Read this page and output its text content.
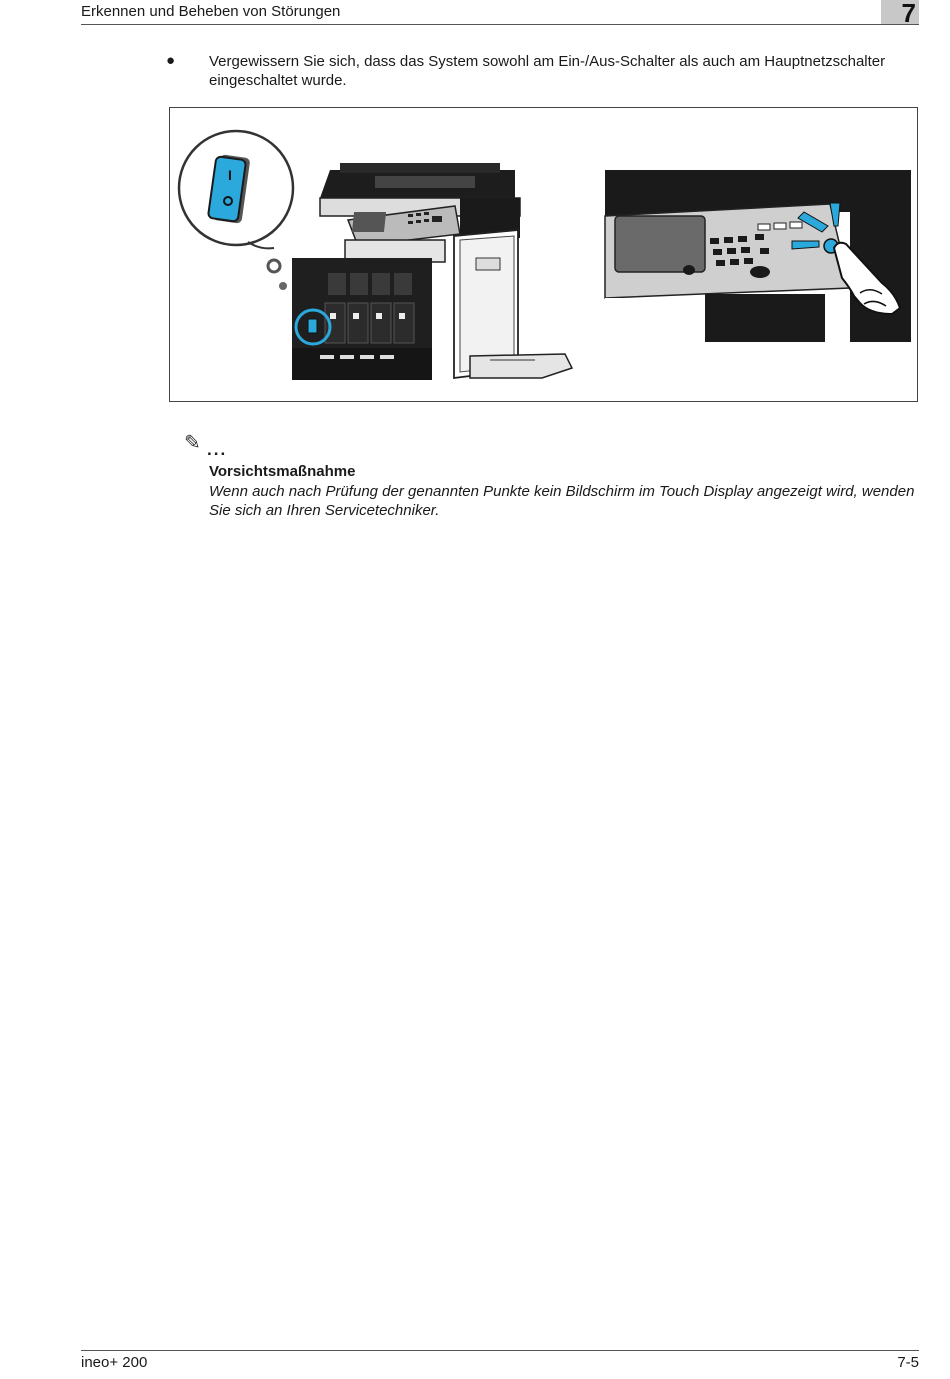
Erkennen und Beheben von Störungen	7
● Vergewissern Sie sich, dass das System sowohl am Ein-/Aus-Schalter als auch am Hauptnetzschalter eingeschaltet wurde.
I
✎ ...
Vorsichtsmaßnahme
Wenn auch nach Prüfung der genannten Punkte kein Bildschirm im Touch Display angezeigt wird, wenden Sie sich an Ihren Servicetechniker.
ineo+ 200	7-5
